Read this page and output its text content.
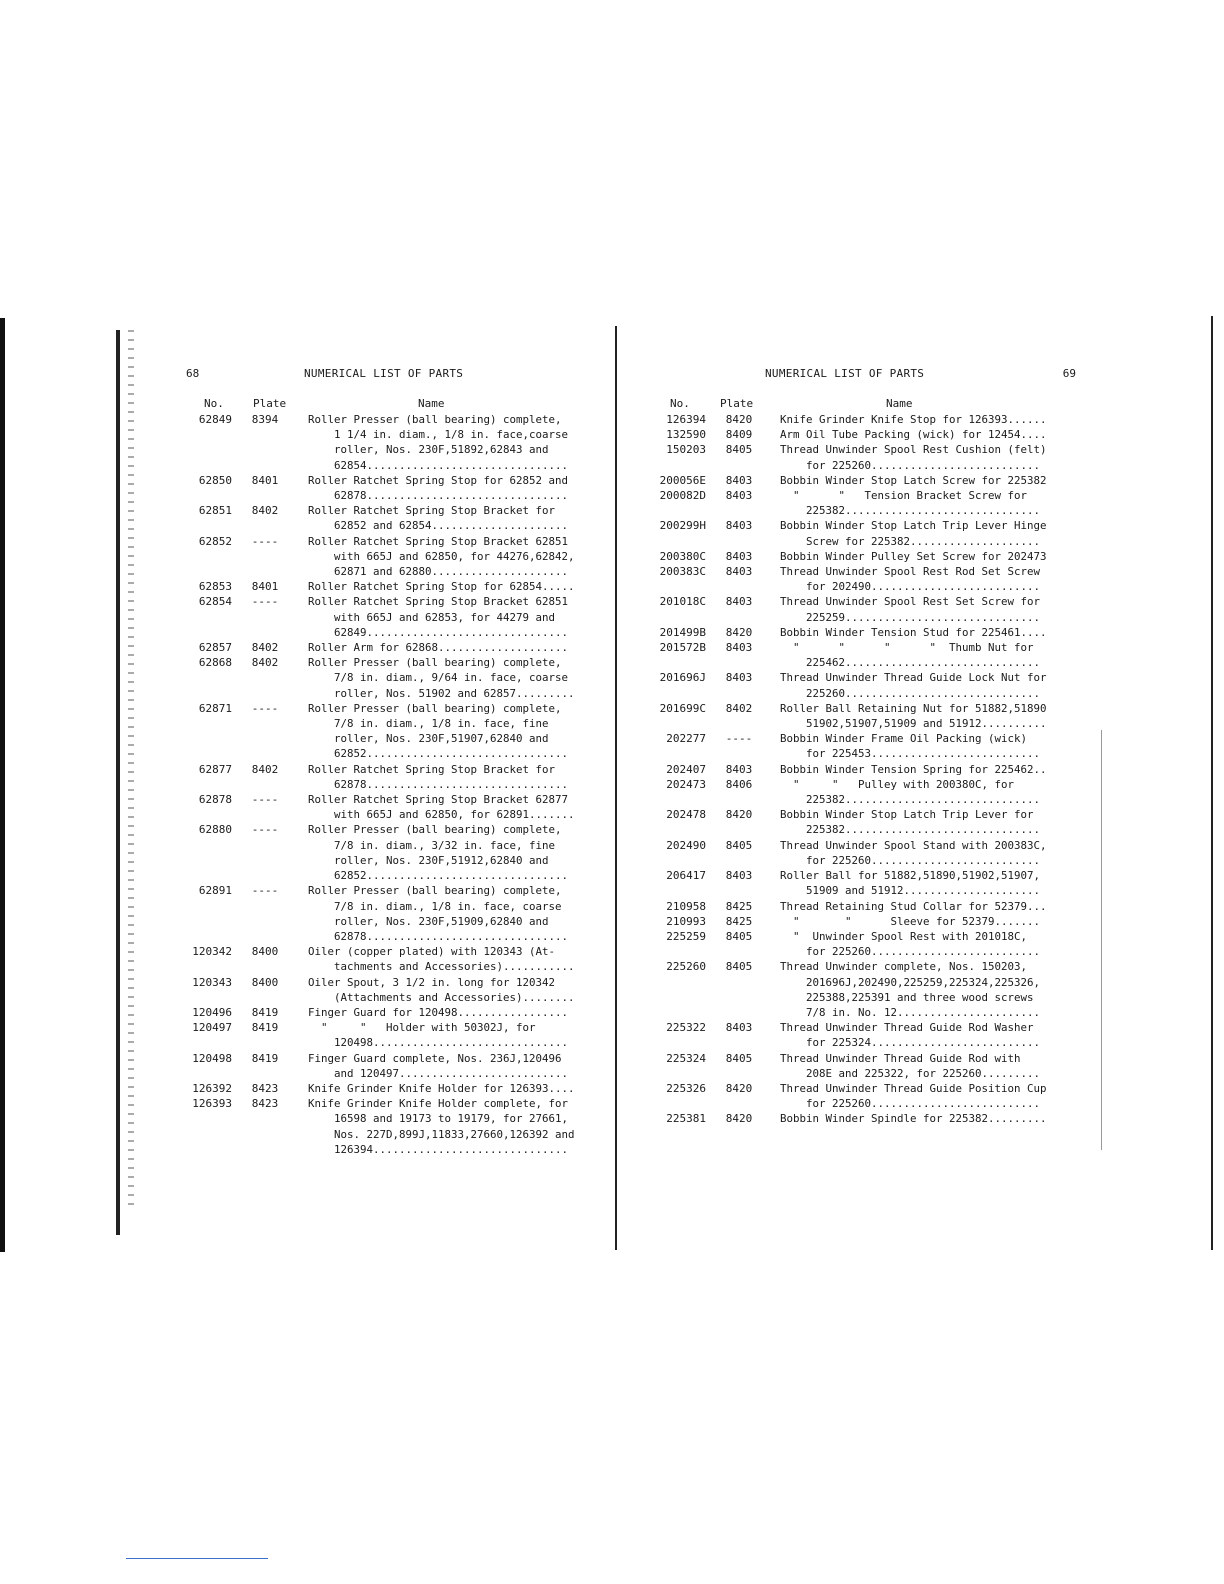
68	NUMERICAL LIST OF PARTS
No.	Plate	Name
62849	8394	Roller Presser (ball bearing) complete,
1 1/4 in. diam., 1/8 in. face,coarse
roller, Nos. 230F,51892,62843 and
62854...............................
62850	8401	Roller Ratchet Spring Stop for 62852 and
62878...............................
62851	8402	Roller Ratchet Spring Stop Bracket for
62852 and 62854.....................
62852	----	Roller Ratchet Spring Stop Bracket 62851
with 665J and 62850, for 44276,62842,
62871 and 62880.....................
62853	8401	Roller Ratchet Spring Stop for 62854.....
62854	----	Roller Ratchet Spring Stop Bracket 62851
with 665J and 62853, for 44279 and
62849...............................
62857	8402	Roller Arm for 62868....................
62868	8402	Roller Presser (ball bearing) complete,
7/8 in. diam., 9/64 in. face, coarse
roller, Nos. 51902 and 62857.........
62871	----	Roller Presser (ball bearing) complete,
7/8 in. diam., 1/8 in. face, fine
roller, Nos. 230F,51907,62840 and
62852...............................
62877	8402	Roller Ratchet Spring Stop Bracket for
62878...............................
62878	----	Roller Ratchet Spring Stop Bracket 62877
with 665J and 62850, for 62891.......
62880	----	Roller Presser (ball bearing) complete,
7/8 in. diam., 3/32 in. face, fine
roller, Nos. 230F,51912,62840 and
62852...............................
62891	----	Roller Presser (ball bearing) complete,
7/8 in. diam., 1/8 in. face, coarse
roller, Nos. 230F,51909,62840 and
62878...............................
120342	8400	Oiler (copper plated) with 120343 (At-
tachments and Accessories)...........
120343	8400	Oiler Spout, 3 1/2 in. long for 120342
(Attachments and Accessories)........
120496	8419	Finger Guard for 120498.................
120497	8419	"     "   Holder with 50302J, for
120498..............................
120498	8419	Finger Guard complete, Nos. 236J,120496
and 120497..........................
126392	8423	Knife Grinder Knife Holder for 126393....
126393	8423	Knife Grinder Knife Holder complete, for
16598 and 19173 to 19179, for 27661,
Nos. 227D,899J,11833,27660,126392 and
126394..............................
NUMERICAL LIST OF PARTS	69
No.	Plate	Name
126394	8420	Knife Grinder Knife Stop for 126393......
132590	8409	Arm Oil Tube Packing (wick) for 12454....
150203	8405	Thread Unwinder Spool Rest Cushion (felt)
for 225260..........................
200056E	8403	Bobbin Winder Stop Latch Screw for 225382
200082D	8403	"      "   Tension Bracket Screw for
225382..............................
200299H	8403	Bobbin Winder Stop Latch Trip Lever Hinge
Screw for 225382....................
200380C	8403	Bobbin Winder Pulley Set Screw for 202473
200383C	8403	Thread Unwinder Spool Rest Rod Set Screw
for 202490..........................
201018C	8403	Thread Unwinder Spool Rest Set Screw for
225259..............................
201499B	8420	Bobbin Winder Tension Stud for 225461....
201572B	8403	"      "      "      "  Thumb Nut for
225462..............................
201696J	8403	Thread Unwinder Thread Guide Lock Nut for
225260..............................
201699C	8402	Roller Ball Retaining Nut for 51882,51890
51902,51907,51909 and 51912..........
202277	----	Bobbin Winder Frame Oil Packing (wick)
for 225453..........................
202407	8403	Bobbin Winder Tension Spring for 225462..
202473	8406	"     "   Pulley with 200380C, for
225382..............................
202478	8420	Bobbin Winder Stop Latch Trip Lever for
225382..............................
202490	8405	Thread Unwinder Spool Stand with 200383C,
for 225260..........................
206417	8403	Roller Ball for 51882,51890,51902,51907,
51909 and 51912.....................
210958	8425	Thread Retaining Stud Collar for 52379...
210993	8425	"       "      Sleeve for 52379.......
225259	8405	"  Unwinder Spool Rest with 201018C,
for 225260..........................
225260	8405	Thread Unwinder complete, Nos. 150203,
201696J,202490,225259,225324,225326,
225388,225391 and three wood screws
7/8 in. No. 12......................
225322	8403	Thread Unwinder Thread Guide Rod Washer
for 225324..........................
225324	8405	Thread Unwinder Thread Guide Rod with
208E and 225322, for 225260.........
225326	8420	Thread Unwinder Thread Guide Position Cup
for 225260..........................
225381	8420	Bobbin Winder Spindle for 225382.........
